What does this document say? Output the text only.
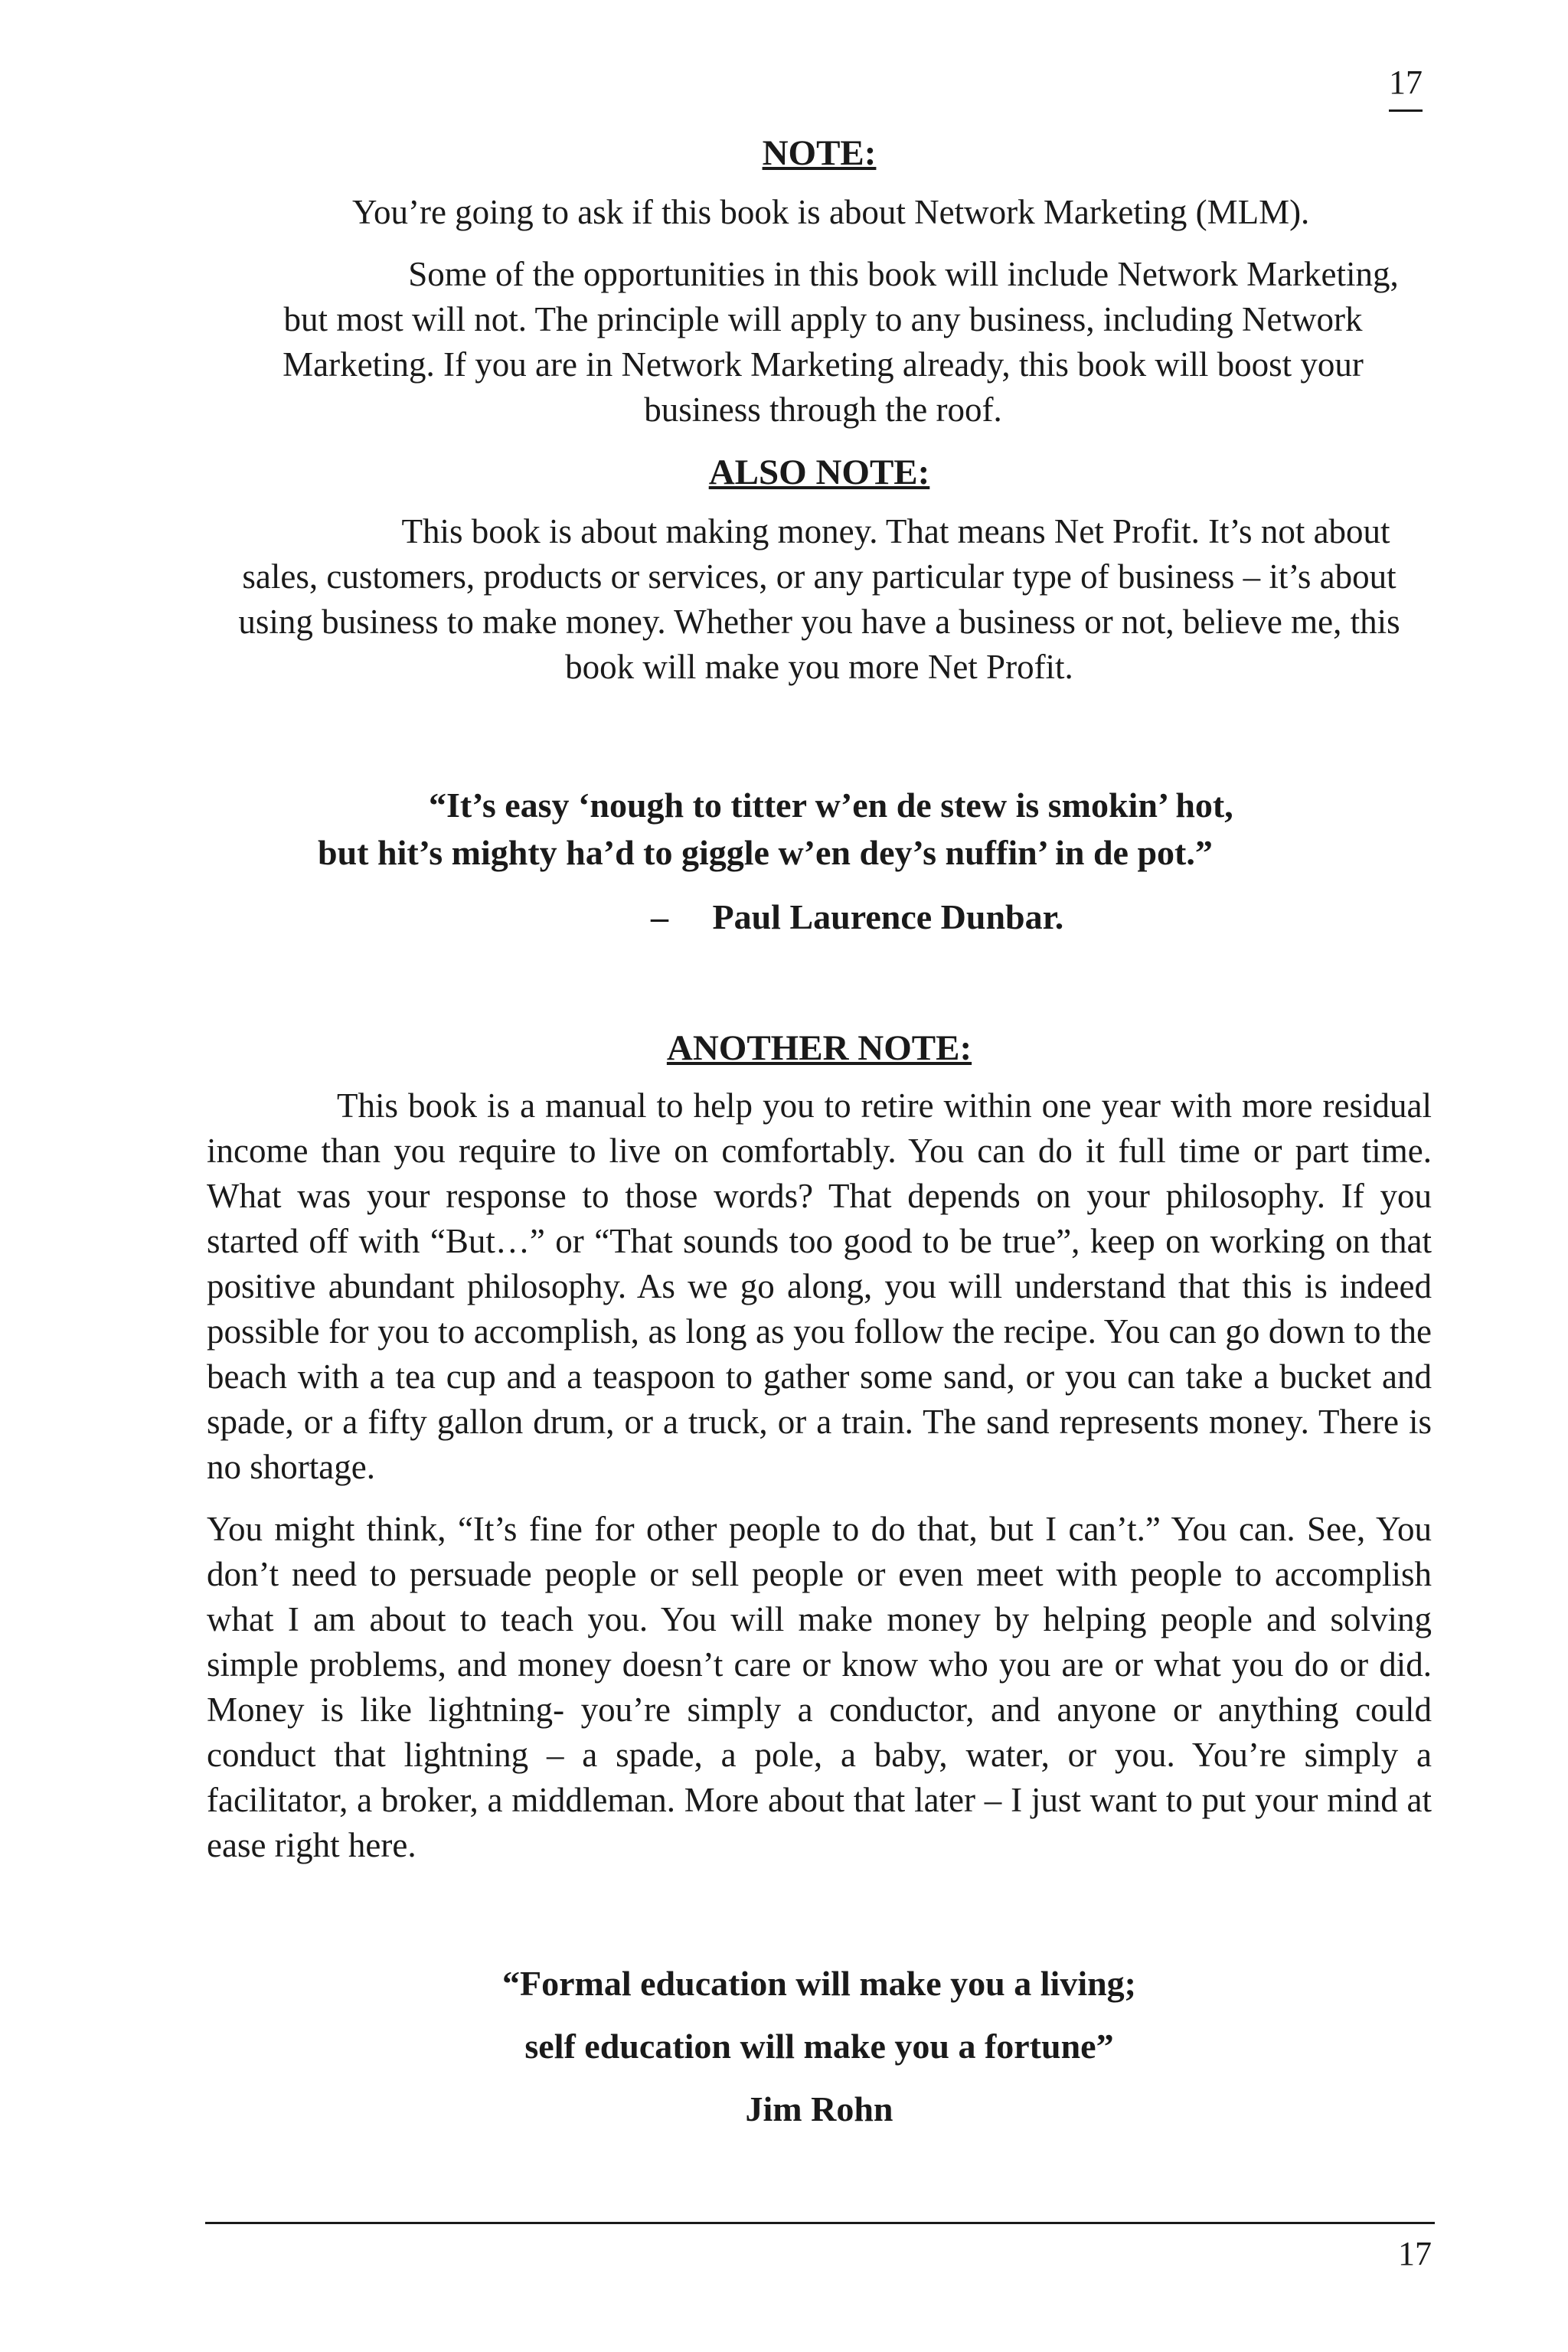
17

NOTE:

You’re going to ask if this book is about Network Marketing (MLM).

Some of the opportunities in this book will include Network Marketing, but most will not. The principle will apply to any business, including Network Marketing. If you are in Network Marketing already, this book will boost your business through the roof.

ALSO NOTE:

This book is about making money. That means Net Profit. It’s not about sales, customers, products or services, or any particular type of business – it’s about using business to make money. Whether you have a business or not, believe me, this book will make you more Net Profit.

“It’s easy ‘nough to titter w’en de stew is smokin’ hot,

but hit’s mighty ha’d to giggle w’en dey’s nuffin’ in de pot.”

–     Paul Laurence Dunbar.

ANOTHER NOTE:

This book is a manual to help you to retire within one year with more residual income than you require to live on comfortably. You can do it full time or part time. What was your response to those words? That depends on your philosophy. If you started off with “But…” or “That sounds too good to be true”, keep on working on that positive abundant philosophy. As we go along, you will understand that this is indeed possible for you to accomplish, as long as you follow the recipe. You can go down to the beach with a tea cup and a teaspoon to gather some sand, or you can take a bucket and spade, or a fifty gallon drum, or a truck, or a train. The sand represents money. There is no shortage.

You might think, “It’s fine for other people to do that, but I can’t.” You can. See, You don’t need to persuade people or sell people or even meet with people to accomplish what I am about to teach you. You will make money by helping people and solving simple problems, and money doesn’t care or know who you are or what you do or did. Money is like lightning- you’re simply a conductor, and anyone or anything could conduct that lightning – a spade, a pole, a baby, water, or you. You’re simply a facilitator, a broker, a middleman. More about that later – I just want to put your mind at ease right here.

“Formal education will make you a living;

self education will make you a fortune”

Jim Rohn

17
